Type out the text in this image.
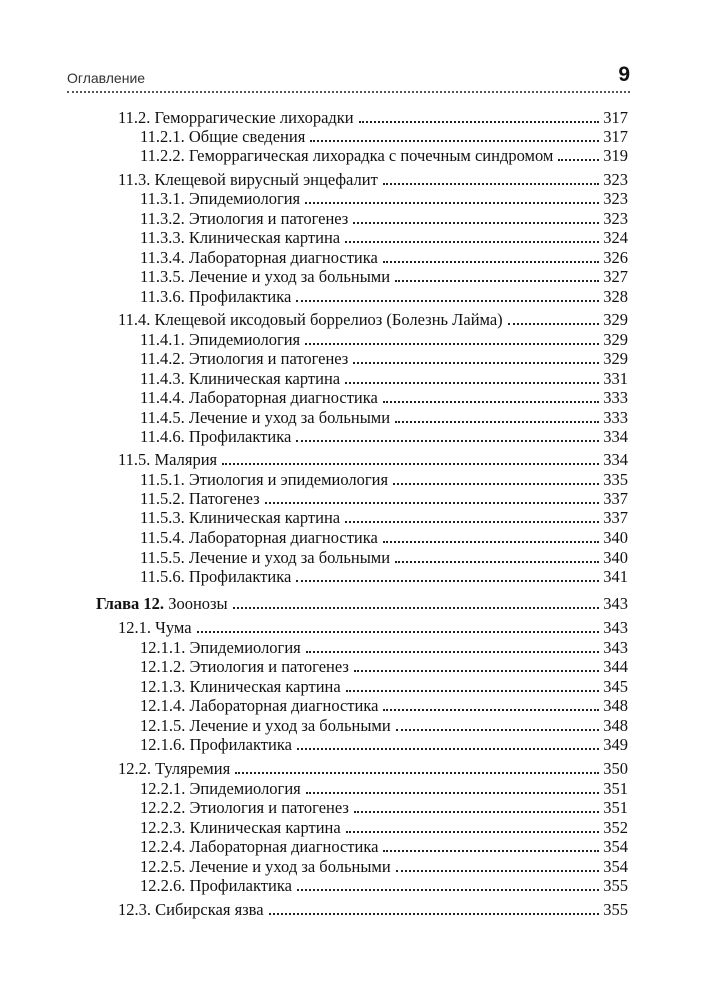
Оглавление	9
11.2. Геморрагические лихорадки	317
11.2.1. Общие сведения	317
11.2.2. Геморрагическая лихорадка с почечным синдромом	319
11.3. Клещевой вирусный энцефалит	323
11.3.1. Эпидемиология	323
11.3.2. Этиология и патогенез	323
11.3.3. Клиническая картина	324
11.3.4. Лабораторная диагностика	326
11.3.5. Лечение и уход за больными	327
11.3.6. Профилактика	328
11.4. Клещевой иксодовый боррелиоз (Болезнь Лайма)	329
11.4.1. Эпидемиология	329
11.4.2. Этиология и патогенез	329
11.4.3. Клиническая картина	331
11.4.4. Лабораторная диагностика	333
11.4.5. Лечение и уход за больными	333
11.4.6. Профилактика	334
11.5. Малярия	334
11.5.1. Этиология и эпидемиология	335
11.5.2. Патогенез	337
11.5.3. Клиническая картина	337
11.5.4. Лабораторная диагностика	340
11.5.5. Лечение и уход за больными	340
11.5.6. Профилактика	341
Глава 12. Зоонозы	343
12.1. Чума	343
12.1.1. Эпидемиология	343
12.1.2. Этиология и патогенез	344
12.1.3. Клиническая картина	345
12.1.4. Лабораторная диагностика	348
12.1.5. Лечение и уход за больными	348
12.1.6. Профилактика	349
12.2. Туляремия	350
12.2.1. Эпидемиология	351
12.2.2. Этиология и патогенез	351
12.2.3. Клиническая картина	352
12.2.4. Лабораторная диагностика	354
12.2.5. Лечение и уход за больными	354
12.2.6. Профилактика	355
12.3. Сибирская язва	355
